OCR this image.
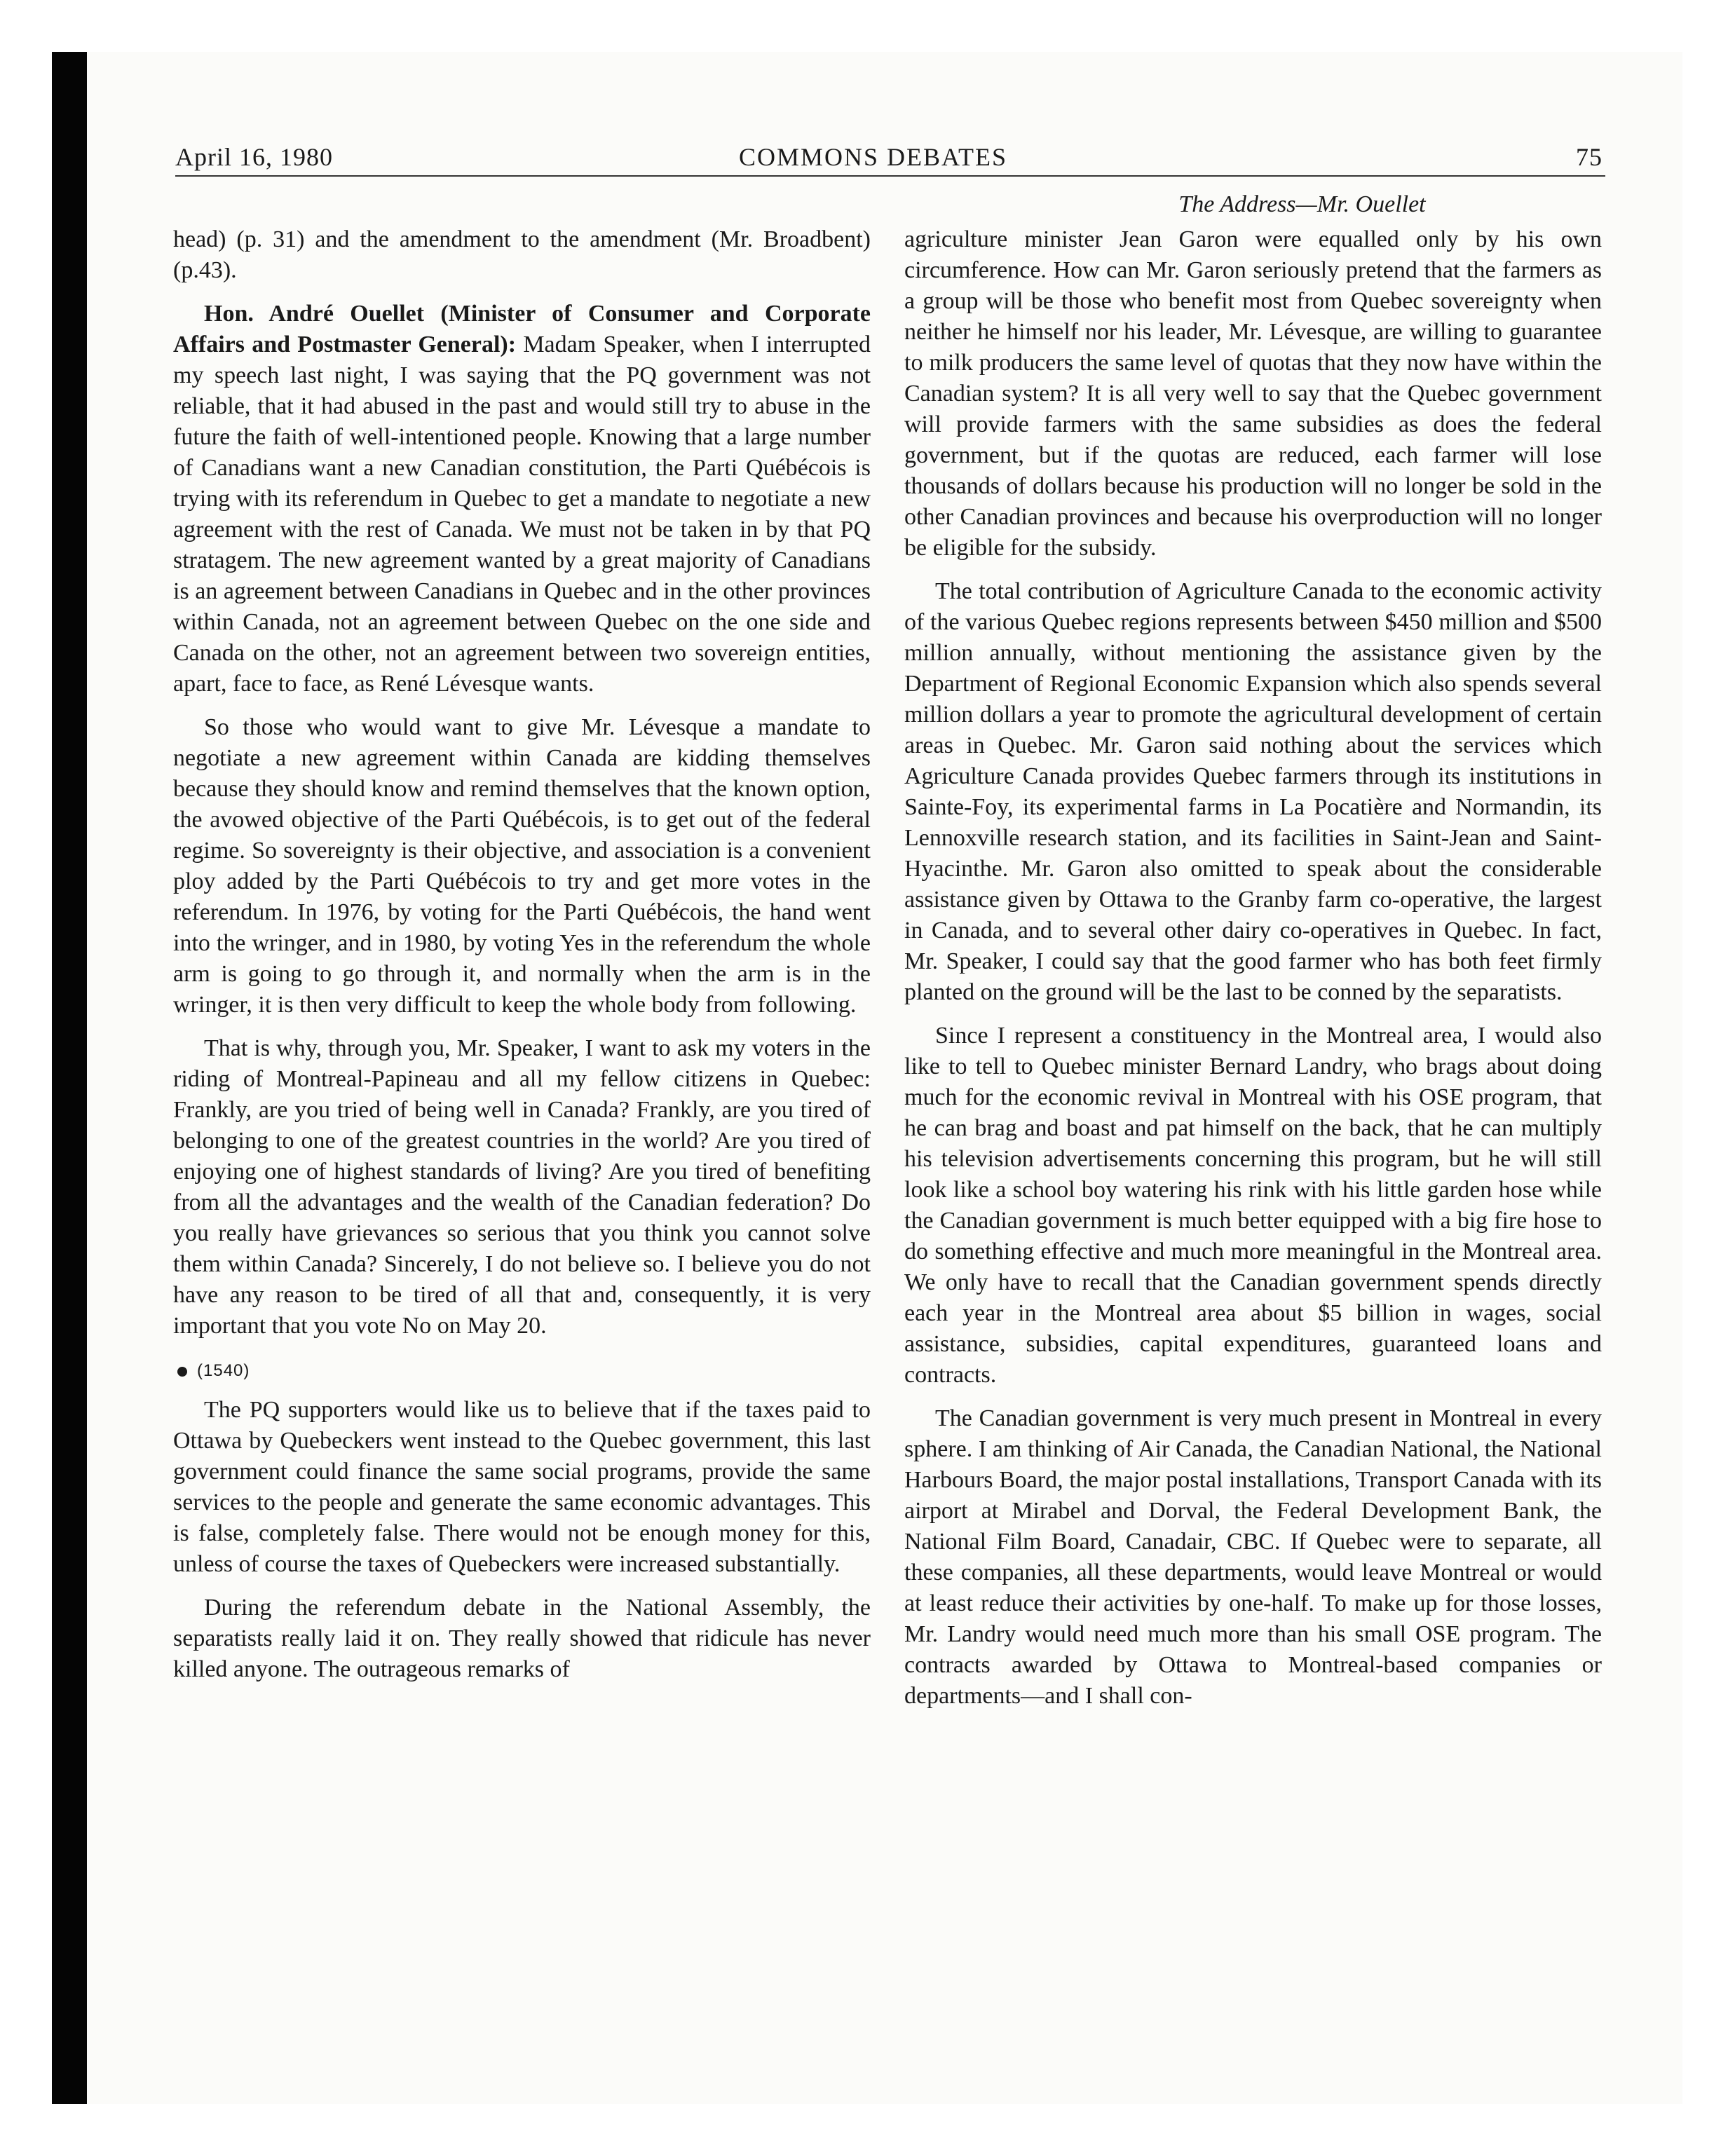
April 16, 1980	COMMONS DEBATES	75

head) (p. 31) and the amendment to the amendment (Mr. Broadbent) (p.43).

Hon. André Ouellet (Minister of Consumer and Corporate Affairs and Postmaster General): Madam Speaker, when I interrupted my speech last night, I was saying that the PQ government was not reliable, that it had abused in the past and would still try to abuse in the future the faith of well-intentioned people. Knowing that a large number of Canadians want a new Canadian constitution, the Parti Québécois is trying with its referendum in Quebec to get a mandate to negotiate a new agreement with the rest of Canada. We must not be taken in by that PQ stratagem. The new agreement wanted by a great majority of Canadians is an agreement between Canadians in Quebec and in the other provinces within Canada, not an agreement between Quebec on the one side and Canada on the other, not an agreement between two sovereign entities, apart, face to face, as René Lévesque wants.

So those who would want to give Mr. Lévesque a mandate to negotiate a new agreement within Canada are kidding themselves because they should know and remind themselves that the known option, the avowed objective of the Parti Québécois, is to get out of the federal regime. So sovereignty is their objective, and association is a convenient ploy added by the Parti Québécois to try and get more votes in the referendum. In 1976, by voting for the Parti Québécois, the hand went into the wringer, and in 1980, by voting Yes in the referendum the whole arm is going to go through it, and normally when the arm is in the wringer, it is then very difficult to keep the whole body from following.

That is why, through you, Mr. Speaker, I want to ask my voters in the riding of Montreal-Papineau and all my fellow citizens in Quebec: Frankly, are you tried of being well in Canada? Frankly, are you tired of belonging to one of the greatest countries in the world? Are you tired of enjoying one of highest standards of living? Are you tired of benefiting from all the advantages and the wealth of the Canadian federation? Do you really have grievances so serious that you think you cannot solve them within Canada? Sincerely, I do not believe so. I believe you do not have any reason to be tired of all that and, consequently, it is very important that you vote No on May 20.

(1540)

The PQ supporters would like us to believe that if the taxes paid to Ottawa by Quebeckers went instead to the Quebec government, this last government could finance the same social programs, provide the same services to the people and generate the same economic advantages. This is false, completely false. There would not be enough money for this, unless of course the taxes of Quebeckers were increased substantially.

During the referendum debate in the National Assembly, the separatists really laid it on. They really showed that ridicule has never killed anyone. The outrageous remarks of

The Address—Mr. Ouellet

agriculture minister Jean Garon were equalled only by his own circumference. How can Mr. Garon seriously pretend that the farmers as a group will be those who benefit most from Quebec sovereignty when neither he himself nor his leader, Mr. Lévesque, are willing to guarantee to milk producers the same level of quotas that they now have within the Canadian system? It is all very well to say that the Quebec government will provide farmers with the same subsidies as does the federal government, but if the quotas are reduced, each farmer will lose thousands of dollars because his production will no longer be sold in the other Canadian provinces and because his overproduction will no longer be eligible for the subsidy.

The total contribution of Agriculture Canada to the economic activity of the various Quebec regions represents between $450 million and $500 million annually, without mentioning the assistance given by the Department of Regional Economic Expansion which also spends several million dollars a year to promote the agricultural development of certain areas in Quebec. Mr. Garon said nothing about the services which Agriculture Canada provides Quebec farmers through its institutions in Sainte-Foy, its experimental farms in La Pocatière and Normandin, its Lennoxville research station, and its facilities in Saint-Jean and Saint-Hyacinthe. Mr. Garon also omitted to speak about the considerable assistance given by Ottawa to the Granby farm co-operative, the largest in Canada, and to several other dairy co-operatives in Quebec. In fact, Mr. Speaker, I could say that the good farmer who has both feet firmly planted on the ground will be the last to be conned by the separatists.

Since I represent a constituency in the Montreal area, I would also like to tell to Quebec minister Bernard Landry, who brags about doing much for the economic revival in Montreal with his OSE program, that he can brag and boast and pat himself on the back, that he can multiply his television advertisements concerning this program, but he will still look like a school boy watering his rink with his little garden hose while the Canadian government is much better equipped with a big fire hose to do something effective and much more meaningful in the Montreal area. We only have to recall that the Canadian government spends directly each year in the Montreal area about $5 billion in wages, social assistance, subsidies, capital expenditures, guaranteed loans and contracts.

The Canadian government is very much present in Montreal in every sphere. I am thinking of Air Canada, the Canadian National, the National Harbours Board, the major postal installations, Transport Canada with its airport at Mirabel and Dorval, the Federal Development Bank, the National Film Board, Canadair, CBC. If Quebec were to separate, all these companies, all these departments, would leave Montreal or would at least reduce their activities by one-half. To make up for those losses, Mr. Landry would need much more than his small OSE program. The contracts awarded by Ottawa to Montreal-based companies or departments—and I shall con-
